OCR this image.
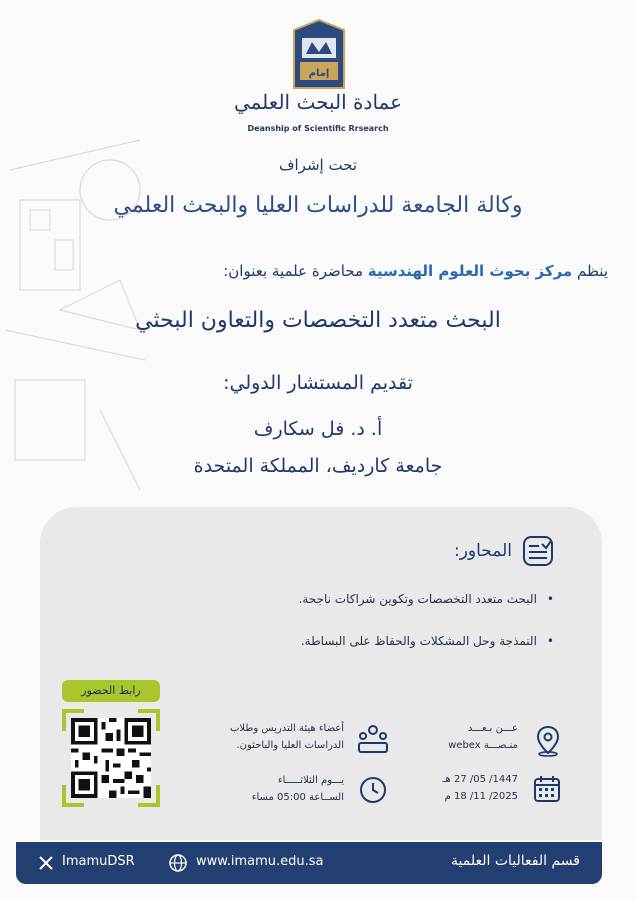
إمام
عمادة البحث العلمي
Deanship of Scientific Rrsearch
تحت إشراف
وكالة الجامعة للدراسات العليا والبحث العلمي
ينظم مركز بحوث العلوم الهندسية محاضرة علمية بعنوان:
البحث متعدد التخصصات والتعاون البحثي
تقديم المستشار الدولي:
أ. د. فل سكارف
جامعة كارديف، المملكة المتحدة
المحاور:
•البحث متعدد التخصصات وتكوين شراكات ناجحة.
•النمذجة وحل المشكلات والحفاظ على البساطة.
رابط الحضور
أعضاء هيئة التدريس وطلاب
الدراسات العليا والباحثون.
يـــوم الثلاثـــــاء
الســاعة 05:00 مساء
عـــن بـعـــد
منـصـــة webex
1447/ 05/ 27 هـ
2025/ 11/ 18 م
قسم الفعاليات العلمية
www.imamu.edu.sa
ImamuDSR
